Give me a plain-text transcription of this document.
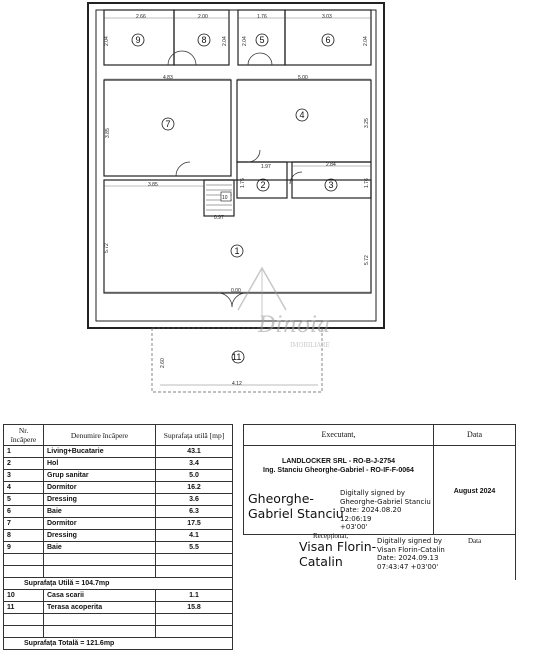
2.66	2.00	1.76	3.03
2.04	2.04	2.04	2.04
4.83	5.00
3.85
3.25
1.97	2.84
1.75	1.76
3.85
0.97
5.72
5.72
0.00
2.60
4.12
9	8	5	6
7
4
2	3
1
11
10
Dinoia
IMOBILIARE
Nr. încăpere	Denumire încăpere	Suprafața utilă [mp]
1	Living+Bucatarie	43.1
2	Hol	3.4
3	Grup sanitar	5.0
4	Dormitor	16.2
5	Dressing	3.6
6	Baie	6.3
7	Dormitor	17.5
8	Dressing	4.1
9	Baie	5.5

Suprafața Utilă = 104.7mp		
10	Casa scarii	1.1
11	Terasa acoperita	15.8

Suprafața Totală = 121.6mp		
Executant,	Data
LANDLOCKER SRL - RO-B-J-2754
Ing. Stanciu Gheorghe-Gabriel - RO-IF-F-0064
Gheorghe-
Gabriel Stanciu
Digitally signed by
Gheorghe-Gabriel Stanciu
Date: 2024.08.20 12:06:19
+03'00'
August 2024
Recepționat,
Data
Visan Florin-
Catalin
Digitally signed by
Visan Florin-Catalin
Date: 2024.09.13
07:43:47 +03'00'
